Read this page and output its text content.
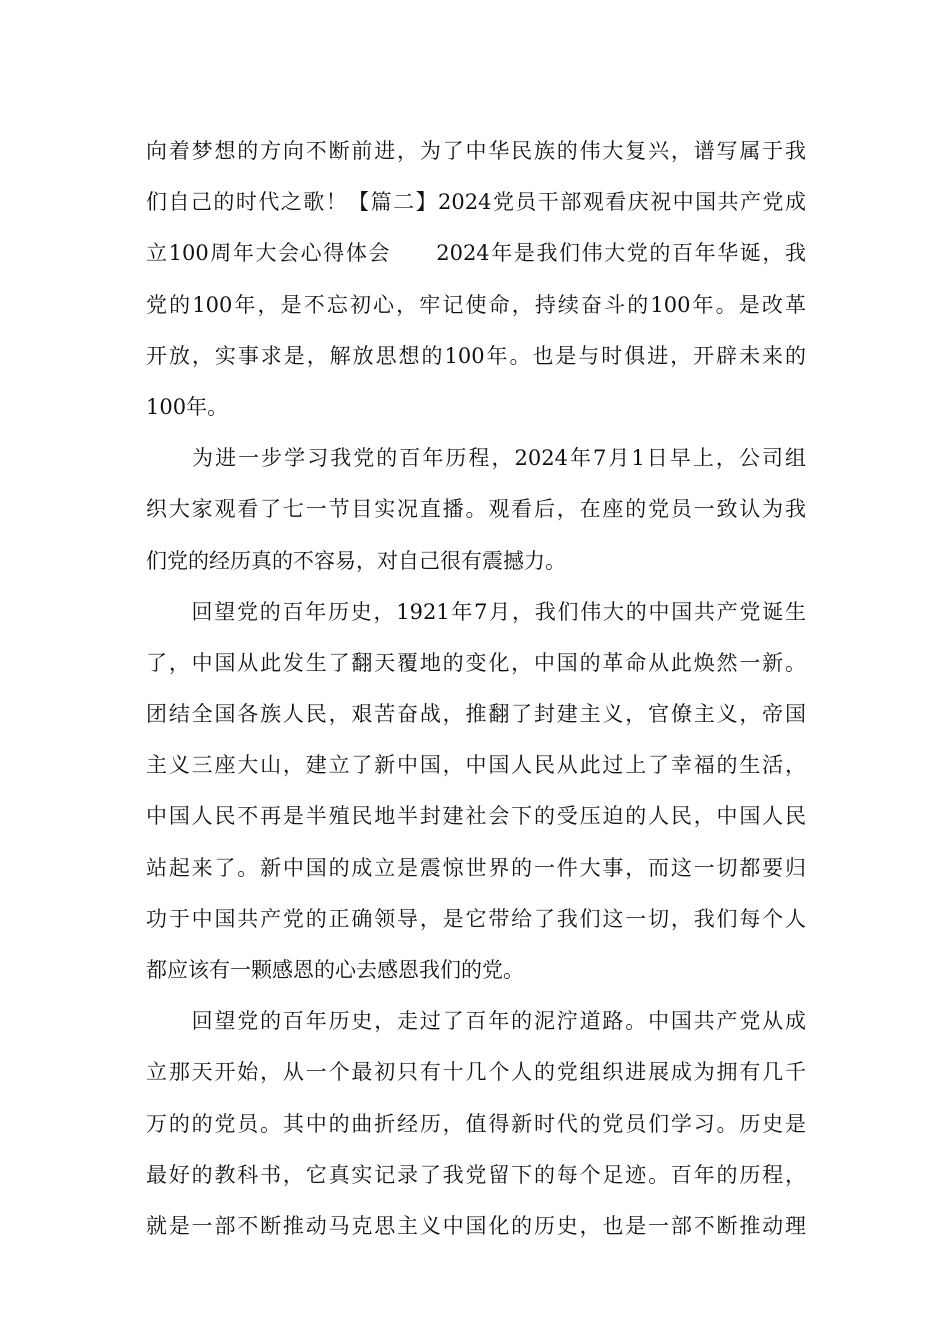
向着梦想的方向不断前进，为了中华民族的伟大复兴，谱写属于我
们自己的时代之歌！【篇二】2024党员干部观看庆祝中国共产党成
立100周年大会心得体会　　2024年是我们伟大党的百年华诞，我
党的100年，是不忘初心，牢记使命，持续奋斗的100年。是改革
开放，实事求是，解放思想的100年。也是与时俱进，开辟未来的
100年。
　　为进一步学习我党的百年历程，2024年7月1日早上，公司组
织大家观看了七一节目实况直播。观看后，在座的党员一致认为我
们党的经历真的不容易，对自己很有震撼力。
　　回望党的百年历史，1921年7月，我们伟大的中国共产党诞生
了，中国从此发生了翻天覆地的变化，中国的革命从此焕然一新。
团结全国各族人民，艰苦奋战，推翻了封建主义，官僚主义，帝国
主义三座大山，建立了新中国，中国人民从此过上了幸福的生活，
中国人民不再是半殖民地半封建社会下的受压迫的人民，中国人民
站起来了。新中国的成立是震惊世界的一件大事，而这一切都要归
功于中国共产党的正确领导，是它带给了我们这一切，我们每个人
都应该有一颗感恩的心去感恩我们的党。
　　回望党的百年历史，走过了百年的泥泞道路。中国共产党从成
立那天开始，从一个最初只有十几个人的党组织进展成为拥有几千
万的的党员。其中的曲折经历，值得新时代的党员们学习。历史是
最好的教科书，它真实记录了我党留下的每个足迹。百年的历程，
就是一部不断推动马克思主义中国化的历史，也是一部不断推动理
